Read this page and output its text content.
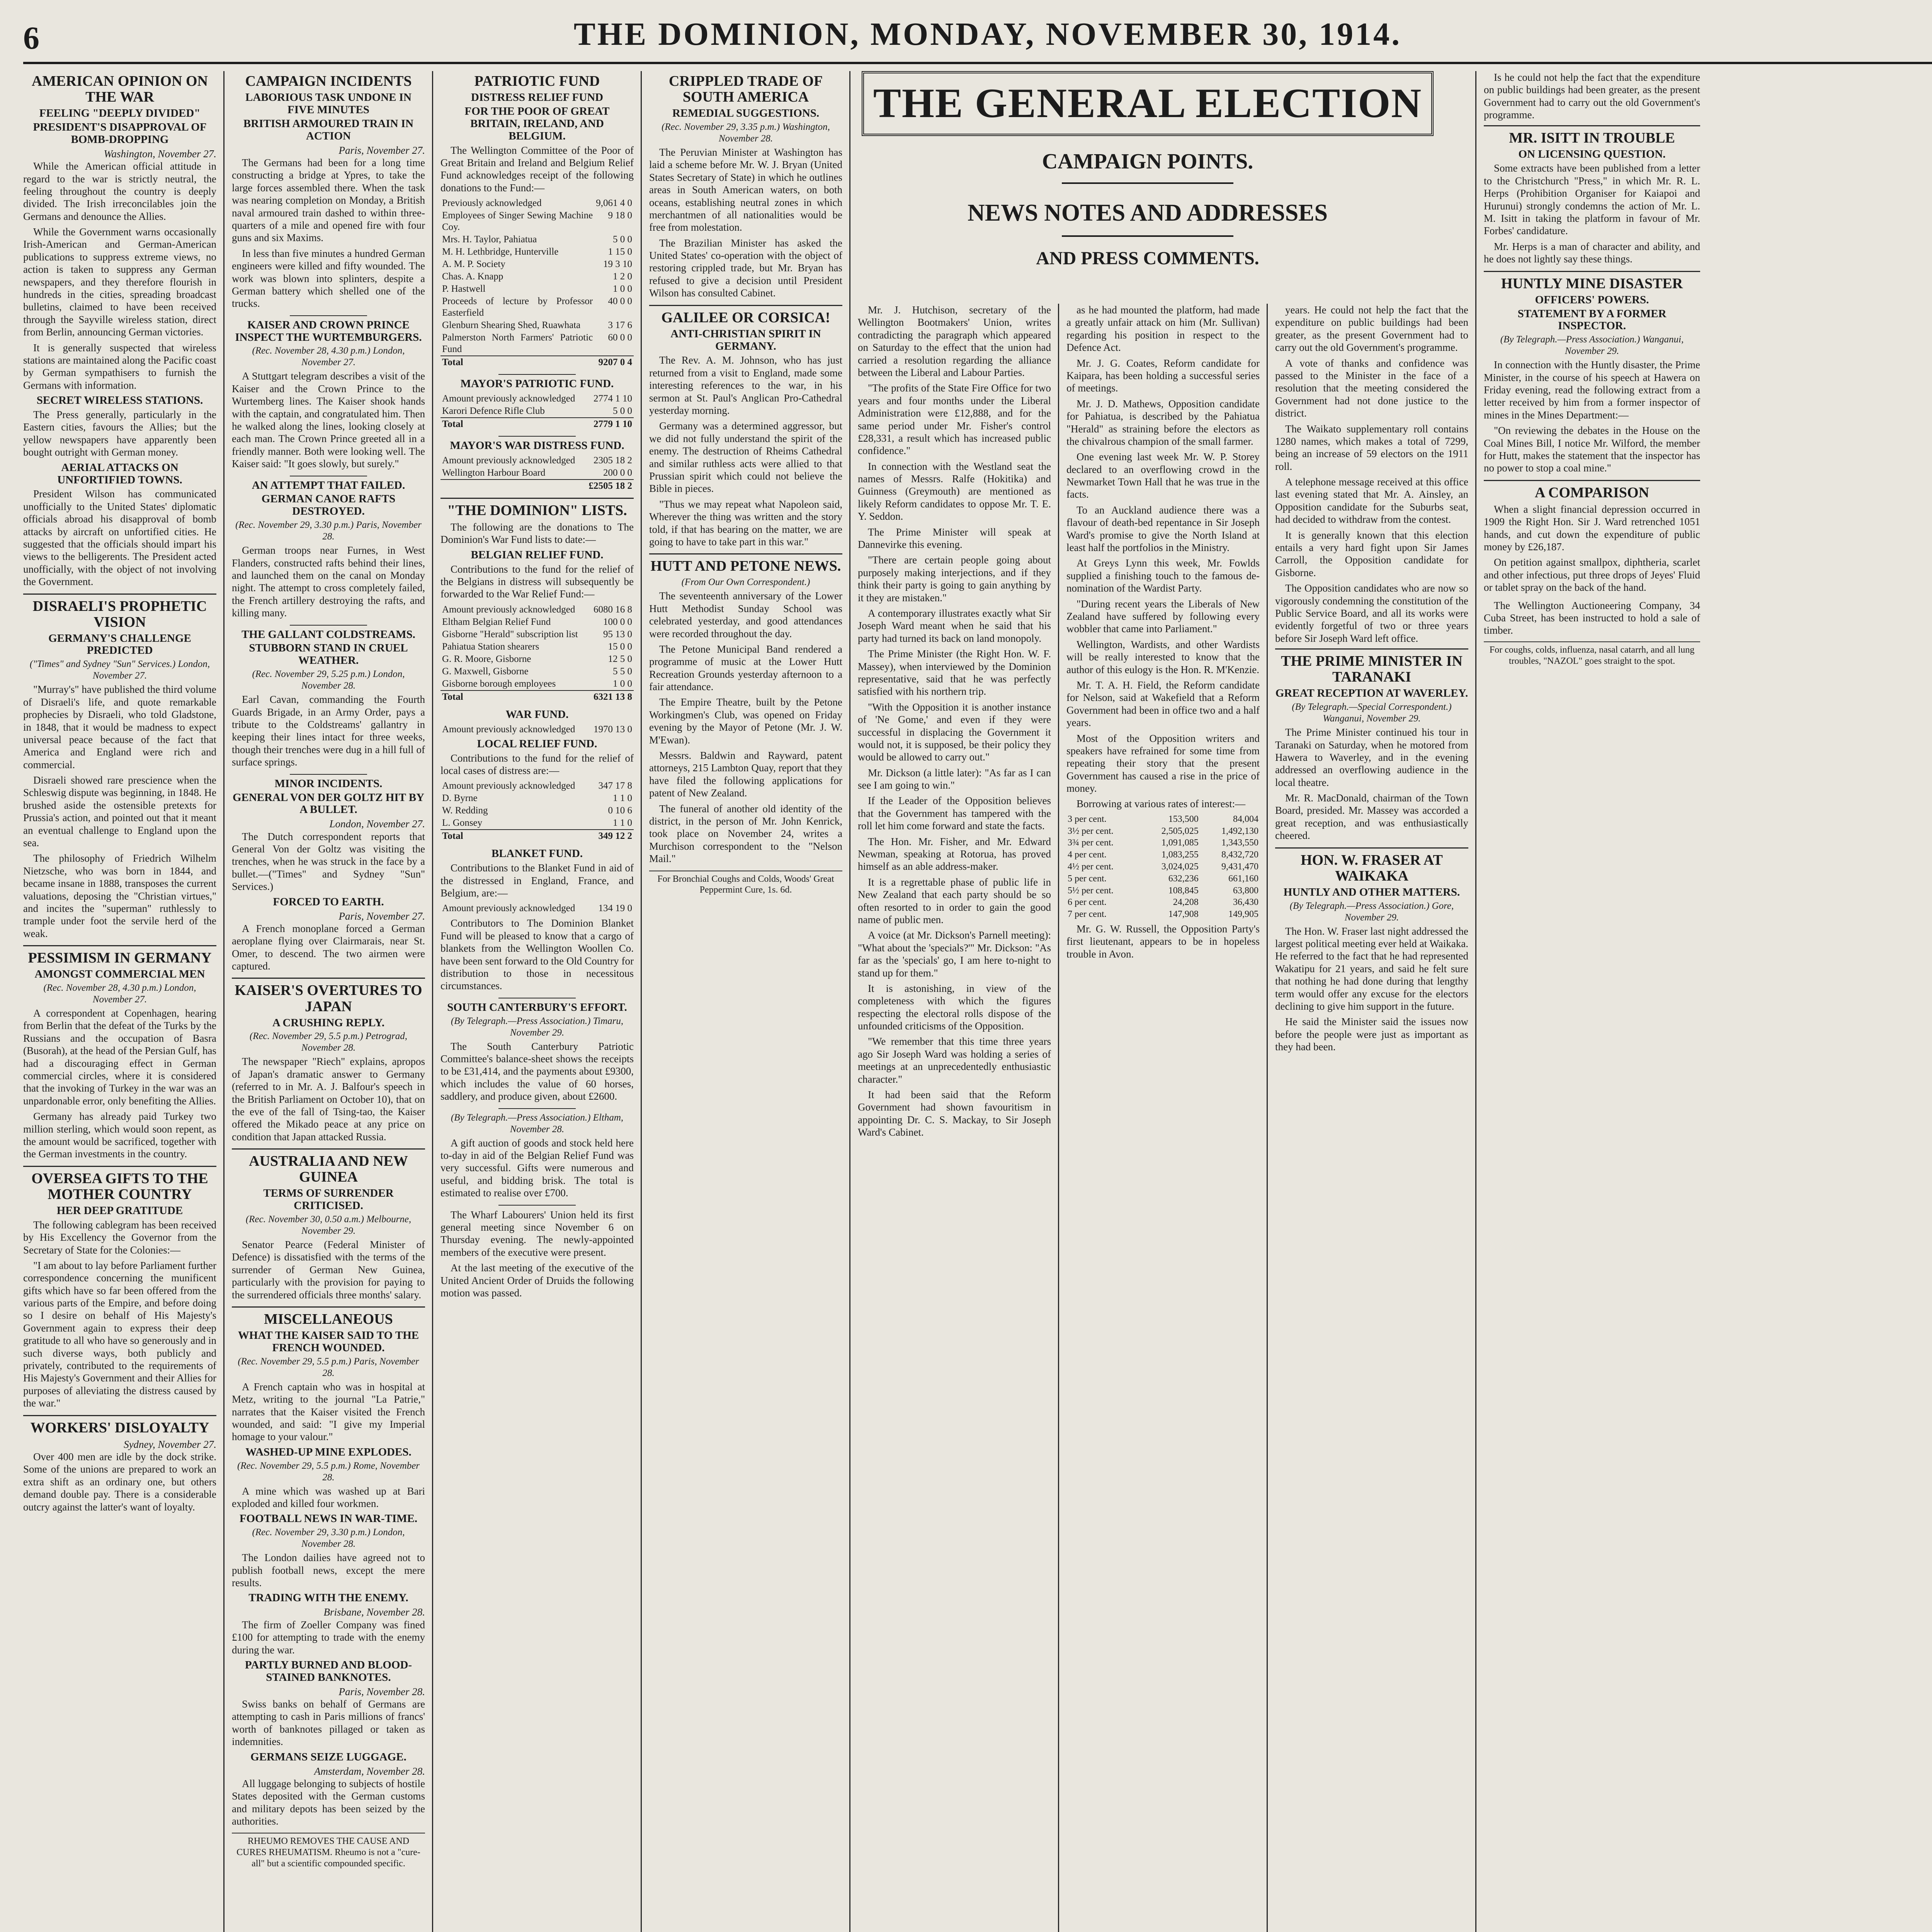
6	THE DOMINION, MONDAY, NOVEMBER 30, 1914.
AMERICAN OPINION ON THE WAR
FEELING "DEEPLY DIVIDED"
PRESIDENT'S DISAPPROVAL OF BOMB-DROPPING
Washington, November 27.

While the American official attitude in regard to the war is strictly neutral, the feeling throughout the country is deeply divided. The Irish irreconcilables join the Germans and denounce the Allies.

While the Government warns occasionally Irish-American and German-American publications to suppress extreme views, no action is taken to suppress any German newspapers, and they therefore flourish in hundreds in the cities, spreading broadcast bulletins, claimed to have been received through the Sayville wireless station, direct from Berlin, announcing German victories.

It is generally suspected that wireless stations are maintained along the Pacific coast by German sympathisers to furnish the Germans with information.

SECRET WIRELESS STATIONS.

The Press generally, particularly in the Eastern cities, favours the Allies; but the yellow newspapers have apparently been bought outright with German money.

AERIAL ATTACKS ON UNFORTIFIED TOWNS.

President Wilson has communicated unofficially to the United States' diplomatic officials abroad his disapproval of bomb attacks by aircraft on unfortified cities. He suggested that the officials should impart his views to the belligerents. The President acted unofficially, with the object of not involving the Government.

DISRAELI'S PROPHETIC VISION
GERMANY'S CHALLENGE PREDICTED
("Times" and Sydney "Sun" Services.) London, November 27.

"Murray's" have published the third volume of Disraeli's life, and quote remarkable prophecies by Disraeli, who told Gladstone, in 1848, that it would be madness to expect universal peace because of the fact that America and England were rich and commercial.

Disraeli showed rare prescience when the Schleswig dispute was beginning, in 1848. He brushed aside the ostensible pretexts for Prussia's action, and pointed out that it meant an eventual challenge to England upon the sea.

The philosophy of Friedrich Wilhelm Nietzsche, who was born in 1844, and became insane in 1888, transposes the current valuations, deposing the "Christian virtues," and incites the "superman" ruthlessly to trample under foot the servile herd of the weak.

PESSIMISM IN GERMANY
AMONGST COMMERCIAL MEN
(Rec. November 28, 4.30 p.m.) London, November 27.

A correspondent at Copenhagen, hearing from Berlin that the defeat of the Turks by the Russians and the occupation of Basra (Busorah), at the head of the Persian Gulf, has had a discouraging effect in German commercial circles, where it is considered that the invoking of Turkey in the war was an unpardonable error, only benefiting the Allies.

Germany has already paid Turkey two million sterling, which would soon repent, as the amount would be sacrificed, together with the German investments in the country.

OVERSEA GIFTS TO THE MOTHER COUNTRY
HER DEEP GRATITUDE

The following cablegram has been received by His Excellency the Governor from the Secretary of State for the Colonies:—

"I am about to lay before Parliament further correspondence concerning the munificent gifts which have so far been offered from the various parts of the Empire, and before doing so I desire on behalf of His Majesty's Government again to express their deep gratitude to all who have so generously and in such diverse ways, both publicly and privately, contributed to the requirements of His Majesty's Government and their Allies for purposes of alleviating the distress caused by the war."

WORKERS' DISLOYALTY
Sydney, November 27.

Over 400 men are idle by the dock strike. Some of the unions are prepared to work an extra shift as an ordinary one, but others demand double pay. There is a considerable outcry against the latter's want of loyalty.

CAMPAIGN INCIDENTS
LABORIOUS TASK UNDONE IN FIVE MINUTES
BRITISH ARMOURED TRAIN IN ACTION
Paris, November 27.

The Germans had been for a long time constructing a bridge at Ypres, to take the large forces assembled there. When the task was nearing completion on Monday, a British naval armoured train dashed to within three-quarters of a mile and opened fire with four guns and six Maxims.

In less than five minutes a hundred German engineers were killed and fifty wounded. The work was blown into splinters, despite a German battery which shelled one of the trucks.

KAISER AND CROWN PRINCE INSPECT THE WURTEMBURGERS.
(Rec. November 28, 4.30 p.m.) London, November 27.

A Stuttgart telegram describes a visit of the Kaiser and the Crown Prince to the Wurtemberg lines. The Kaiser shook hands with the captain, and congratulated him. Then he walked along the lines, looking closely at each man. The Crown Prince greeted all in a friendly manner. Both were looking well. The Kaiser said: "It goes slowly, but surely."

AN ATTEMPT THAT FAILED.
GERMAN CANOE RAFTS DESTROYED.
(Rec. November 29, 3.30 p.m.) Paris, November 28.

German troops near Furnes, in West Flanders, constructed rafts behind their lines, and launched them on the canal on Monday night. The attempt to cross completely failed, the French artillery destroying the rafts, and killing many.

THE GALLANT COLDSTREAMS.
STUBBORN STAND IN CRUEL WEATHER.
(Rec. November 29, 5.25 p.m.) London, November 28.

Earl Cavan, commanding the Fourth Guards Brigade, in an Army Order, pays a tribute to the Coldstreams' gallantry in keeping their lines intact for three weeks, though their trenches were dug in a hill full of surface springs.

MINOR INCIDENTS.
GENERAL VON DER GOLTZ HIT BY A BULLET.
London, November 27.

The Dutch correspondent reports that General Von der Goltz was visiting the trenches, when he was struck in the face by a bullet.—("Times" and Sydney "Sun" Services.)

FORCED TO EARTH.
Paris, November 27.

A French monoplane forced a German aeroplane flying over Clairmarais, near St. Omer, to descend. The two airmen were captured.

KAISER'S OVERTURES TO JAPAN
A CRUSHING REPLY.
(Rec. November 29, 5.5 p.m.) Petrograd, November 28.

The newspaper "Riech" explains, apropos of Japan's dramatic answer to Germany (referred to in Mr. A. J. Balfour's speech in the British Parliament on October 10), that on the eve of the fall of Tsing-tao, the Kaiser offered the Mikado peace at any price on condition that Japan attacked Russia.

AUSTRALIA AND NEW GUINEA
TERMS OF SURRENDER CRITICISED.
(Rec. November 30, 0.50 a.m.) Melbourne, November 29.

Senator Pearce (Federal Minister of Defence) is dissatisfied with the terms of the surrender of German New Guinea, particularly with the provision for paying to the surrendered officials three months' salary.

MISCELLANEOUS
WHAT THE KAISER SAID TO THE FRENCH WOUNDED.
(Rec. November 29, 5.5 p.m.) Paris, November 28.

A French captain who was in hospital at Metz, writing to the journal "La Patrie," narrates that the Kaiser visited the French wounded, and said: "I give my Imperial homage to your valour."

WASHED-UP MINE EXPLODES.
(Rec. November 29, 5.5 p.m.) Rome, November 28.

A mine which was washed up at Bari exploded and killed four workmen.

FOOTBALL NEWS IN WAR-TIME.
(Rec. November 29, 3.30 p.m.) London, November 28.

The London dailies have agreed not to publish football news, except the mere results.

TRADING WITH THE ENEMY.
Brisbane, November 28.

The firm of Zoeller Company was fined £100 for attempting to trade with the enemy during the war.

PARTLY BURNED AND BLOOD-STAINED BANKNOTES.
Paris, November 28.

Swiss banks on behalf of Germans are attempting to cash in Paris millions of francs' worth of banknotes pillaged or taken as indemnities.

GERMANS SEIZE LUGGAGE.
Amsterdam, November 28.

All luggage belonging to subjects of hostile States deposited with the German customs and military depots has been seized by the authorities.

RHEUMO REMOVES THE CAUSE AND CURES RHEUMATISM. Rheumo is not a "cure-all" but a scientific compounded specific.
PATRIOTIC FUND
DISTRESS RELIEF FUND
FOR THE POOR OF GREAT BRITAIN, IRELAND, AND BELGIUM.

The Wellington Committee of the Poor of Great Britain and Ireland and Belgium Relief Fund acknowledges receipt of the following donations to the Fund:—

Previously acknowledged	9,061 4 0
Employees of Singer Sewing Machine Coy.	9 18 0
Mrs. H. Taylor, Pahiatua	5 0 0
M. H. Lethbridge, Hunterville	1 15 0
A. M. P. Society	19 3 10
Chas. A. Knapp	1 2 0
P. Hastwell	1 0 0
Proceeds of lecture by Professor Easterfield	40 0 0
Glenburn Shearing Shed, Ruawhata	3 17 6
Palmerston North Farmers' Patriotic Fund	60 0 0
Total	9207 0 4
MAYOR'S PATRIOTIC FUND.
Amount previously acknowledged	2774 1 10
Karori Defence Rifle Club	5 0 0
Total	2779 1 10
MAYOR'S WAR DISTRESS FUND.
Amount previously acknowledged	2305 18 2
Wellington Harbour Board	200 0 0
	£2505 18 2
"THE DOMINION" LISTS.

The following are the donations to The Dominion's War Fund lists to date:—

BELGIAN RELIEF FUND.

Contributions to the fund for the relief of the Belgians in distress will subsequently be forwarded to the War Relief Fund:—

Amount previously acknowledged	6080 16 8
Eltham Belgian Relief Fund	100 0 0
Gisborne "Herald" subscription list	95 13 0
Pahiatua Station shearers	15 0 0
G. R. Moore, Gisborne	12 5 0
G. Maxwell, Gisborne	5 5 0
Gisborne borough employees	1 0 0
Total	6321 13 8
WAR FUND.
Amount previously acknowledged	1970 13 0
LOCAL RELIEF FUND.

Contributions to the fund for the relief of local cases of distress are:—

Amount previously acknowledged	347 17 8
D. Byrne	1 1 0
W. Redding	0 10 6
L. Gonsey	1 1 0
Total	349 12 2
BLANKET FUND.

Contributions to the Blanket Fund in aid of the distressed in England, France, and Belgium, are:—

Amount previously acknowledged	134 19 0

Contributors to The Dominion Blanket Fund will be pleased to know that a cargo of blankets from the Wellington Woollen Co. have been sent forward to the Old Country for distribution to those in necessitous circumstances.

SOUTH CANTERBURY'S EFFORT.
(By Telegraph.—Press Association.) Timaru, November 29.

The South Canterbury Patriotic Committee's balance-sheet shows the receipts to be £31,414, and the payments about £9300, which includes the value of 60 horses, saddlery, and produce given, about £2600.

(By Telegraph.—Press Association.) Eltham, November 28.

A gift auction of goods and stock held here to-day in aid of the Belgian Relief Fund was very successful. Gifts were numerous and useful, and bidding brisk. The total is estimated to realise over £700.

The Wharf Labourers' Union held its first general meeting since November 6 on Thursday evening. The newly-appointed members of the executive were present.

At the last meeting of the executive of the United Ancient Order of Druids the following motion was passed.

CRIPPLED TRADE OF SOUTH AMERICA
REMEDIAL SUGGESTIONS.
(Rec. November 29, 3.35 p.m.) Washington, November 28.

The Peruvian Minister at Washington has laid a scheme before Mr. W. J. Bryan (United States Secretary of State) in which he outlines areas in South American waters, on both oceans, establishing neutral zones in which merchantmen of all nationalities would be free from molestation.

The Brazilian Minister has asked the United States' co-operation with the object of restoring crippled trade, but Mr. Bryan has refused to give a decision until President Wilson has consulted Cabinet.

GALILEE OR CORSICA!
ANTI-CHRISTIAN SPIRIT IN GERMANY.

The Rev. A. M. Johnson, who has just returned from a visit to England, made some interesting references to the war, in his sermon at St. Paul's Anglican Pro-Cathedral yesterday morning.

Germany was a determined aggressor, but we did not fully understand the spirit of the enemy. The destruction of Rheims Cathedral and similar ruthless acts were allied to that Prussian spirit which could not believe the Bible in pieces.

"Thus we may repeat what Napoleon said, Wherever the thing was written and the story told, if that has bearing on the matter, we are going to have to take part in this war."

HUTT AND PETONE NEWS.
(From Our Own Correspondent.)

The seventeenth anniversary of the Lower Hutt Methodist Sunday School was celebrated yesterday, and good attendances were recorded throughout the day.

The Petone Municipal Band rendered a programme of music at the Lower Hutt Recreation Grounds yesterday afternoon to a fair attendance.

The Empire Theatre, built by the Petone Workingmen's Club, was opened on Friday evening by the Mayor of Petone (Mr. J. W. M'Ewan).

Messrs. Baldwin and Rayward, patent attorneys, 215 Lambton Quay, report that they have filed the following applications for patent of New Zealand.

The funeral of another old identity of the district, in the person of Mr. John Kenrick, took place on November 24, writes a Murchison correspondent to the "Nelson Mail."

For Bronchial Coughs and Colds, Woods' Great Peppermint Cure, 1s. 6d.
THE GENERAL ELECTION
CAMPAIGN POINTS.
NEWS NOTES AND ADDRESSES
AND PRESS COMMENTS.

Mr. J. Hutchison, secretary of the Wellington Bootmakers' Union, writes contradicting the paragraph which appeared on Saturday to the effect that the union had carried a resolution regarding the alliance between the Liberal and Labour Parties.

"The profits of the State Fire Office for two years and four months under the Liberal Administration were £12,888, and for the same period under Mr. Fisher's control £28,331, a result which has increased public confidence."

In connection with the Westland seat the names of Messrs. Ralfe (Hokitika) and Guinness (Greymouth) are mentioned as likely Reform candidates to oppose Mr. T. E. Y. Seddon.

The Prime Minister will speak at Dannevirke this evening.

"There are certain people going about purposely making interjections, and if they think their party is going to gain anything by it they are mistaken."

A contemporary illustrates exactly what Sir Joseph Ward meant when he said that his party had turned its back on land monopoly.

The Prime Minister (the Right Hon. W. F. Massey), when interviewed by the Dominion representative, said that he was perfectly satisfied with his northern trip.

"With the Opposition it is another instance of 'Ne Gome,' and even if they were successful in displacing the Government it would not, it is supposed, be their policy they would be allowed to carry out."

Mr. Dickson (a little later): "As far as I can see I am going to win."

If the Leader of the Opposition believes that the Government has tampered with the roll let him come forward and state the facts.

The Hon. Mr. Fisher, and Mr. Edward Newman, speaking at Rotorua, has proved himself as an able address-maker.

It is a regrettable phase of public life in New Zealand that each party should be so often resorted to in order to gain the good name of public men.

A voice (at Mr. Dickson's Parnell meeting): "What about the 'specials?'" Mr. Dickson: "As far as the 'specials' go, I am here to-night to stand up for them."

It is astonishing, in view of the completeness with which the figures respecting the electoral rolls dispose of the unfounded criticisms of the Opposition.

"We remember that this time three years ago Sir Joseph Ward was holding a series of meetings at an unprecedentedly enthusiastic character."

It had been said that the Reform Government had shown favouritism in appointing Dr. C. S. Mackay, to Sir Joseph Ward's Cabinet.

as he had mounted the platform, had made a greatly unfair attack on him (Mr. Sullivan) regarding his position in respect to the Defence Act.

Mr. J. G. Coates, Reform candidate for Kaipara, has been holding a successful series of meetings.

Mr. J. D. Mathews, Opposition candidate for Pahiatua, is described by the Pahiatua "Herald" as straining before the electors as the chivalrous champion of the small farmer.

One evening last week Mr. W. P. Storey declared to an overflowing crowd in the Newmarket Town Hall that he was true in the facts.

To an Auckland audience there was a flavour of death-bed repentance in Sir Joseph Ward's promise to give the North Island at least half the portfolios in the Ministry.

At Greys Lynn this week, Mr. Fowlds supplied a finishing touch to the famous de-nomination of the Wardist Party.

"During recent years the Liberals of New Zealand have suffered by following every wobbler that came into Parliament."

Wellington, Wardists, and other Wardists will be really interested to know that the author of this eulogy is the Hon. R. M'Kenzie.

Mr. T. A. H. Field, the Reform candidate for Nelson, said at Wakefield that a Reform Government had been in office two and a half years.

Most of the Opposition writers and speakers have refrained for some time from repeating their story that the present Government has caused a rise in the price of money.

Borrowing at various rates of interest:—

3 per cent.	153,500	84,004
3½ per cent.	2,505,025	1,492,130
3¾ per cent.	1,091,085	1,343,550
4 per cent.	1,083,255	8,432,720
4½ per cent.	3,024,025	9,431,470
5 per cent.	632,236	661,160
5½ per cent.	108,845	63,800
6 per cent.	24,208	36,430
7 per cent.	147,908	149,905

Mr. G. W. Russell, the Opposition Party's first lieutenant, appears to be in hopeless trouble in Avon.

years. He could not help the fact that the expenditure on public buildings had been greater, as the present Government had to carry out the old Government's programme.

A vote of thanks and confidence was passed to the Minister in the face of a resolution that the meeting considered the Government had not done justice to the district.

The Waikato supplementary roll contains 1280 names, which makes a total of 7299, being an increase of 59 electors on the 1911 roll.

A telephone message received at this office last evening stated that Mr. A. Ainsley, an Opposition candidate for the Suburbs seat, had decided to withdraw from the contest.

It is generally known that this election entails a very hard fight upon Sir James Carroll, the Opposition candidate for Gisborne.

The Opposition candidates who are now so vigorously condemning the constitution of the Public Service Board, and all its works were evidently forgetful of two or three years before Sir Joseph Ward left office.

THE PRIME MINISTER IN TARANAKI
GREAT RECEPTION AT WAVERLEY.
(By Telegraph.—Special Correspondent.) Wanganui, November 29.

The Prime Minister continued his tour in Taranaki on Saturday, when he motored from Hawera to Waverley, and in the evening addressed an overflowing audience in the local theatre.

Mr. R. MacDonald, chairman of the Town Board, presided. Mr. Massey was accorded a great reception, and was enthusiastically cheered.

HON. W. FRASER AT WAIKAKA
HUNTLY AND OTHER MATTERS.
(By Telegraph.—Press Association.) Gore, November 29.

The Hon. W. Fraser last night addressed the largest political meeting ever held at Waikaka. He referred to the fact that he had represented Wakatipu for 21 years, and said he felt sure that nothing he had done during that lengthy term would offer any excuse for the electors declining to give him support in the future.

He said the Minister said the issues now before the people were just as important as they had been.

Is he could not help the fact that the expenditure on public buildings had been greater, as the present Government had to carry out the old Government's programme.

MR. ISITT IN TROUBLE
ON LICENSING QUESTION.

Some extracts have been published from a letter to the Christchurch "Press," in which Mr. R. L. Herps (Prohibition Organiser for Kaiapoi and Hurunui) strongly condemns the action of Mr. L. M. Isitt in taking the platform in favour of Mr. Forbes' candidature.

Mr. Herps is a man of character and ability, and he does not lightly say these things.

HUNTLY MINE DISASTER
OFFICERS' POWERS.
STATEMENT BY A FORMER INSPECTOR.
(By Telegraph.—Press Association.) Wanganui, November 29.

In connection with the Huntly disaster, the Prime Minister, in the course of his speech at Hawera on Friday evening, read the following extract from a letter received by him from a former inspector of mines in the Mines Department:—

"On reviewing the debates in the House on the Coal Mines Bill, I notice Mr. Wilford, the member for Hutt, makes the statement that the inspector has no power to stop a coal mine."

A COMPARISON

When a slight financial depression occurred in 1909 the Right Hon. Sir J. Ward retrenched 1051 hands, and cut down the expenditure of public money by £26,187.

On petition against smallpox, diphtheria, scarlet and other infectious, put three drops of Jeyes' Fluid or tablet spray on the back of the hand.

The Wellington Auctioneering Company, 34 Cuba Street, has been instructed to hold a sale of timber.

For coughs, colds, influenza, nasal catarrh, and all lung troubles, "NAZOL" goes straight to the spot.
